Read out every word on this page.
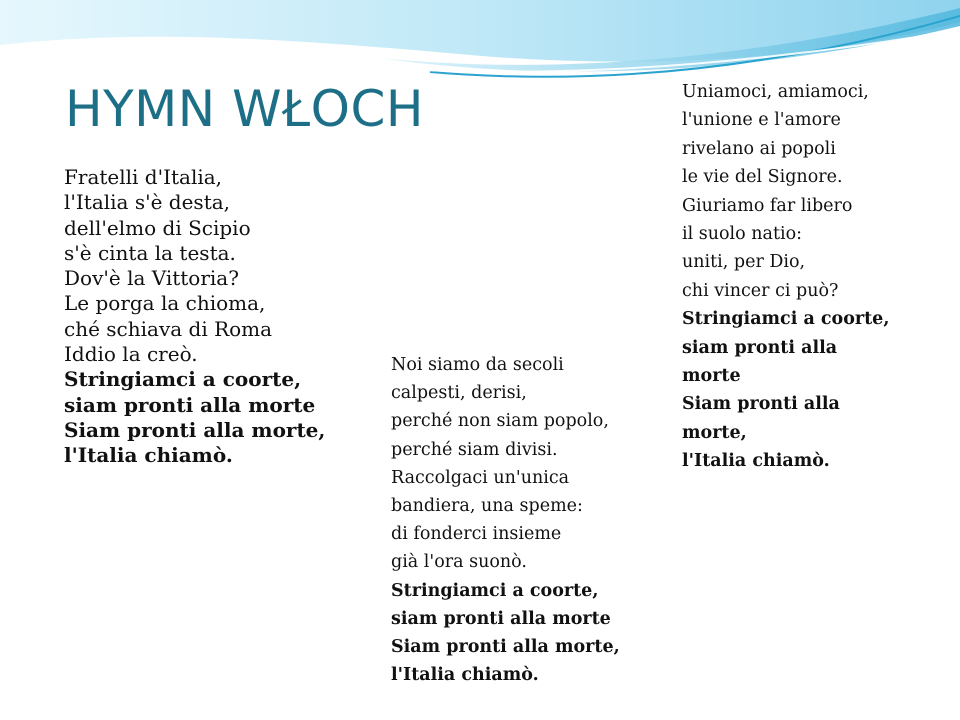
HYMN WŁOCH
Fratelli d'Italia,
l'Italia s'è desta,
dell'elmo di Scipio
s'è cinta la testa.
Dov'è la Vittoria?
Le porga la chioma,
ché schiava di Roma
Iddio la creò.
Stringiamci a coorte,
siam pronti alla morte
Siam pronti alla morte,
l'Italia chiamò.
Noi siamo da secoli
calpesti, derisi,
perché non siam popolo,
perché siam divisi.
Raccolgaci un'unica
bandiera, una speme:
di fonderci insieme
già l'ora suonò.
Stringiamci a coorte,
siam pronti alla morte
Siam pronti alla morte,
l'Italia chiamò.
Uniamoci, amiamoci,
l'unione e l'amore
rivelano ai popoli
le vie del Signore.
Giuriamo far libero
il suolo natio:
uniti, per Dio,
chi vincer ci può?
Stringiamci a coorte,
siam pronti alla
morte
Siam pronti alla
morte,
l'Italia chiamò.
